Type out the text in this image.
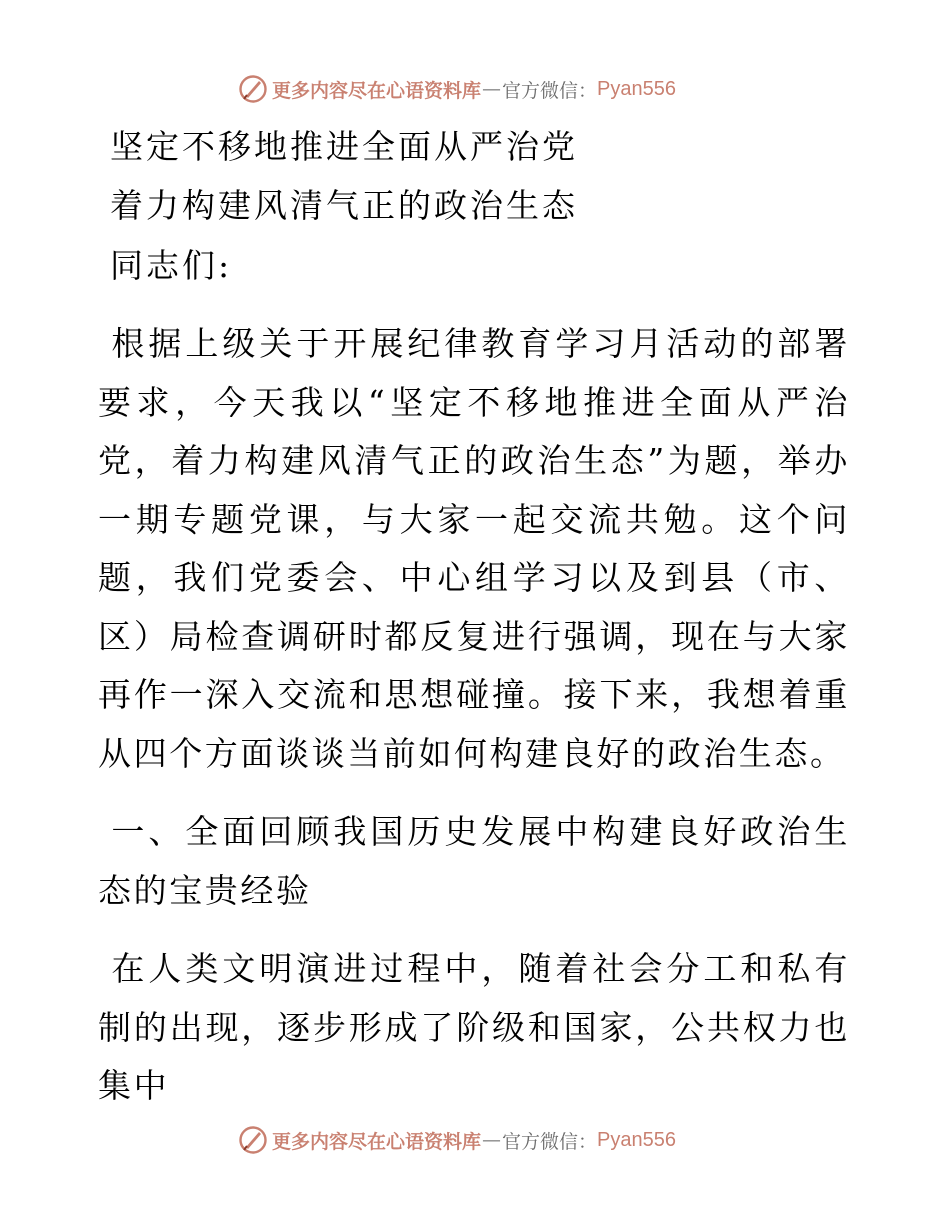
更多内容尽在心语资料库 — 官方微信： Pyan556

坚定不移地推进全面从严治党

着力构建风清气正的政治生态

同志们:

根据上级关于开展纪律教育学习月活动的部署要求，今天我以“坚定不移地推进全面从严治党，着力构建风清气正的政治生态”为题，举办一期专题党课，与大家一起交流共勉。这个问题，我们党委会、中心组学习以及到县（市、区）局检查调研时都反复进行强调，现在与大家再作一深入交流和思想碰撞。接下来，我想着重从四个方面谈谈当前如何构建良好的政治生态。

一、全面回顾我国历史发展中构建良好政治生态的宝贵经验

在人类文明演进过程中，随着社会分工和私有制的出现，逐步形成了阶级和国家，公共权力也集中

更多内容尽在心语资料库 — 官方微信： Pyan556
